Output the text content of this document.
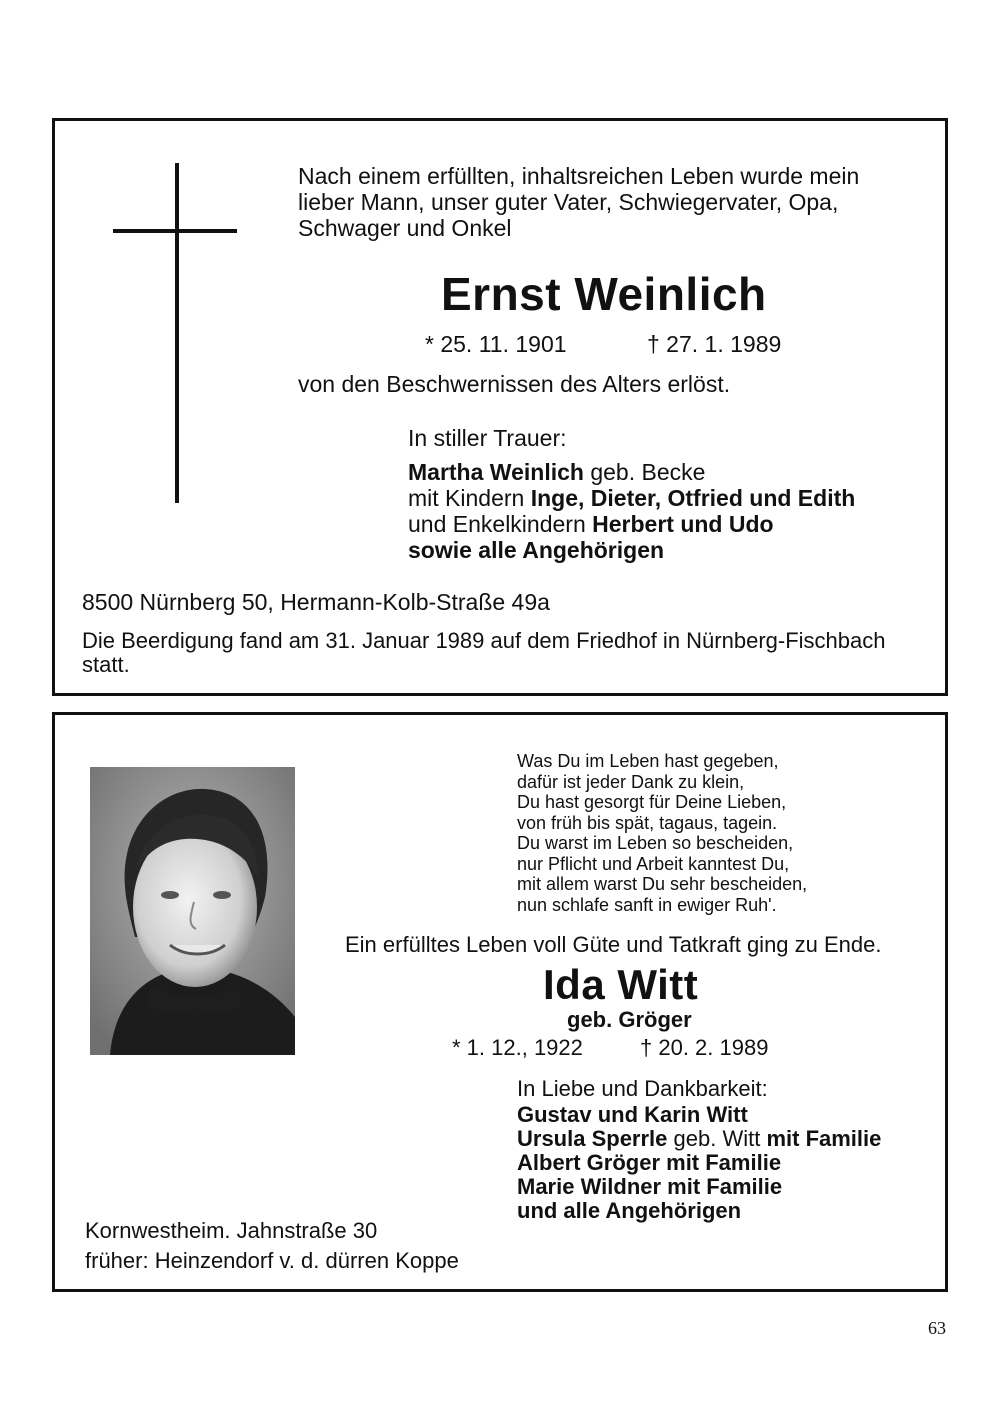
Nach einem erfüllten, inhaltsreichen Leben wurde mein
lieber Mann, unser guter Vater, Schwiegervater, Opa,
Schwager und Onkel
Ernst Weinlich
* 25. 11. 1901	† 27. 1. 1989
von den Beschwernissen des Alters erlöst.
In stiller Trauer:
Martha Weinlich geb. Becke
mit Kindern Inge, Dieter, Otfried und Edith
und Enkelkindern Herbert und Udo
sowie alle Angehörigen
8500 Nürnberg 50, Hermann-Kolb-Straße 49a
Die Beerdigung fand am 31. Januar 1989 auf dem Friedhof in Nürnberg-Fischbach
statt.
Was Du im Leben hast gegeben,
dafür ist jeder Dank zu klein,
Du hast gesorgt für Deine Lieben,
von früh bis spät, tagaus, tagein.
Du warst im Leben so bescheiden,
nur Pflicht und Arbeit kanntest Du,
mit allem warst Du sehr bescheiden,
nun schlafe sanft in ewiger Ruh'.
Ein erfülltes Leben voll Güte und Tatkraft ging zu Ende.
Ida Witt
geb. Gröger
* 1. 12., 1922	† 20. 2. 1989
In Liebe und Dankbarkeit:
Gustav und Karin Witt
Ursula Sperrle geb. Witt mit Familie
Albert Gröger mit Familie
Marie Wildner mit Familie
und alle Angehörigen
Kornwestheim. Jahnstraße 30
früher: Heinzendorf v. d. dürren Koppe
63
